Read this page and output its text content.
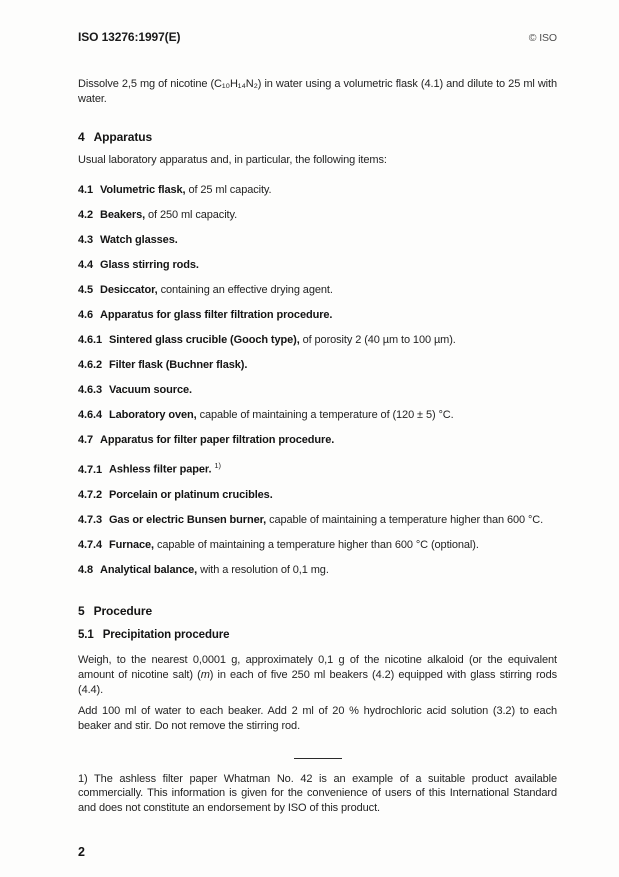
ISO 13276:1997(E)	© ISO

Dissolve 2,5 mg of nicotine (C₁₀H₁₄N₂) in water using a volumetric flask (4.1) and dilute to 25 ml with water.

4 Apparatus

Usual laboratory apparatus and, in particular, the following items:

4.1 Volumetric flask, of 25 ml capacity.
4.2 Beakers, of 250 ml capacity.
4.3 Watch glasses.
4.4 Glass stirring rods.
4.5 Desiccator, containing an effective drying agent.
4.6 Apparatus for glass filter filtration procedure.
4.6.1 Sintered glass crucible (Gooch type), of porosity 2 (40 µm to 100 µm).
4.6.2 Filter flask (Buchner flask).
4.6.3 Vacuum source.
4.6.4 Laboratory oven, capable of maintaining a temperature of (120 ± 5) °C.
4.7 Apparatus for filter paper filtration procedure.
4.7.1 Ashless filter paper. $^{1)}$
4.7.2 Porcelain or platinum crucibles.
4.7.3 Gas or electric Bunsen burner, capable of maintaining a temperature higher than 600 °C.
4.7.4 Furnace, capable of maintaining a temperature higher than 600 °C (optional).
4.8 Analytical balance, with a resolution of 0,1 mg.
5 Procedure
5.1 Precipitation procedure

Weigh, to the nearest 0,0001 g, approximately 0,1 g of the nicotine alkaloid (or the equivalent amount of nicotine salt) (m) in each of five 250 ml beakers (4.2) equipped with glass stirring rods (4.4).

Add 100 ml of water to each beaker. Add 2 ml of 20 % hydrochloric acid solution (3.2) to each beaker and stir. Do not remove the stirring rod.

1) The ashless filter paper Whatman No. 42 is an example of a suitable product available commercially. This information is given for the convenience of users of this International Standard and does not constitute an endorsement by ISO of this product.

2
